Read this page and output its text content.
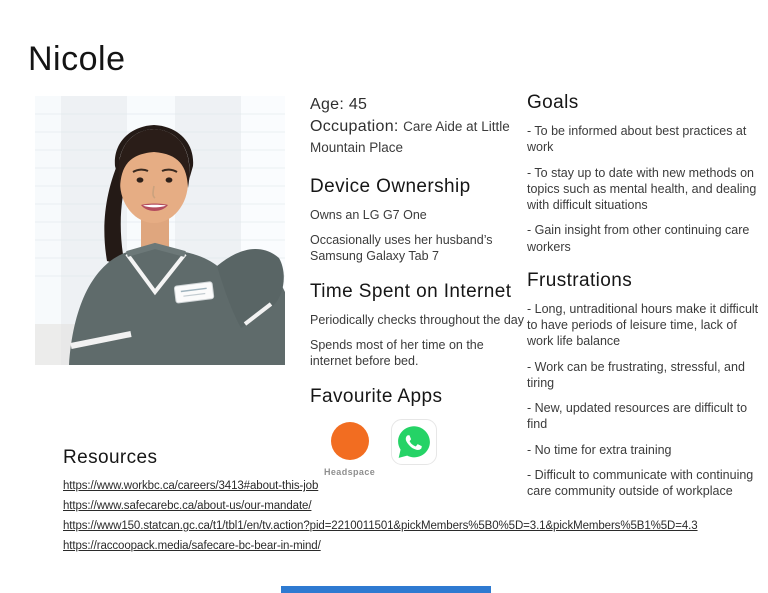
Nicole

Age: 45

Occupation: Care Aide at Little Mountain Place

Device Ownership

Owns an LG G7 One

Occasionally uses her husband’s Samsung Galaxy Tab 7

Time Spent on Internet

Periodically checks throughout the day

Spends most of her time on the internet before bed.

Favourite Apps
Headspace
Goals

- To be informed about best practices at work

- To stay up to date with new methods on topics such as mental health, and dealing with difficult situations

- Gain insight from other continuing care workers

Frustrations

- Long, untraditional hours make it difficult to have periods of leisure time, lack of work life balance

- Work can be frustrating, stressful, and tiring

- New, updated resources are difficult to find

- No time for extra training

- Difficult to communicate with continuing care community outside of workplace

Resources
https://www.workbc.ca/careers/3413#about-this-job
https://www.safecarebc.ca/about-us/our-mandate/
https://www150.statcan.gc.ca/t1/tbl1/en/tv.action?pid=2210011501&pickMembers%5B0%5D=3.1&pickMembers%5B1%5D=4.3
https://raccoopack.media/safecare-bc-bear-in-mind/
